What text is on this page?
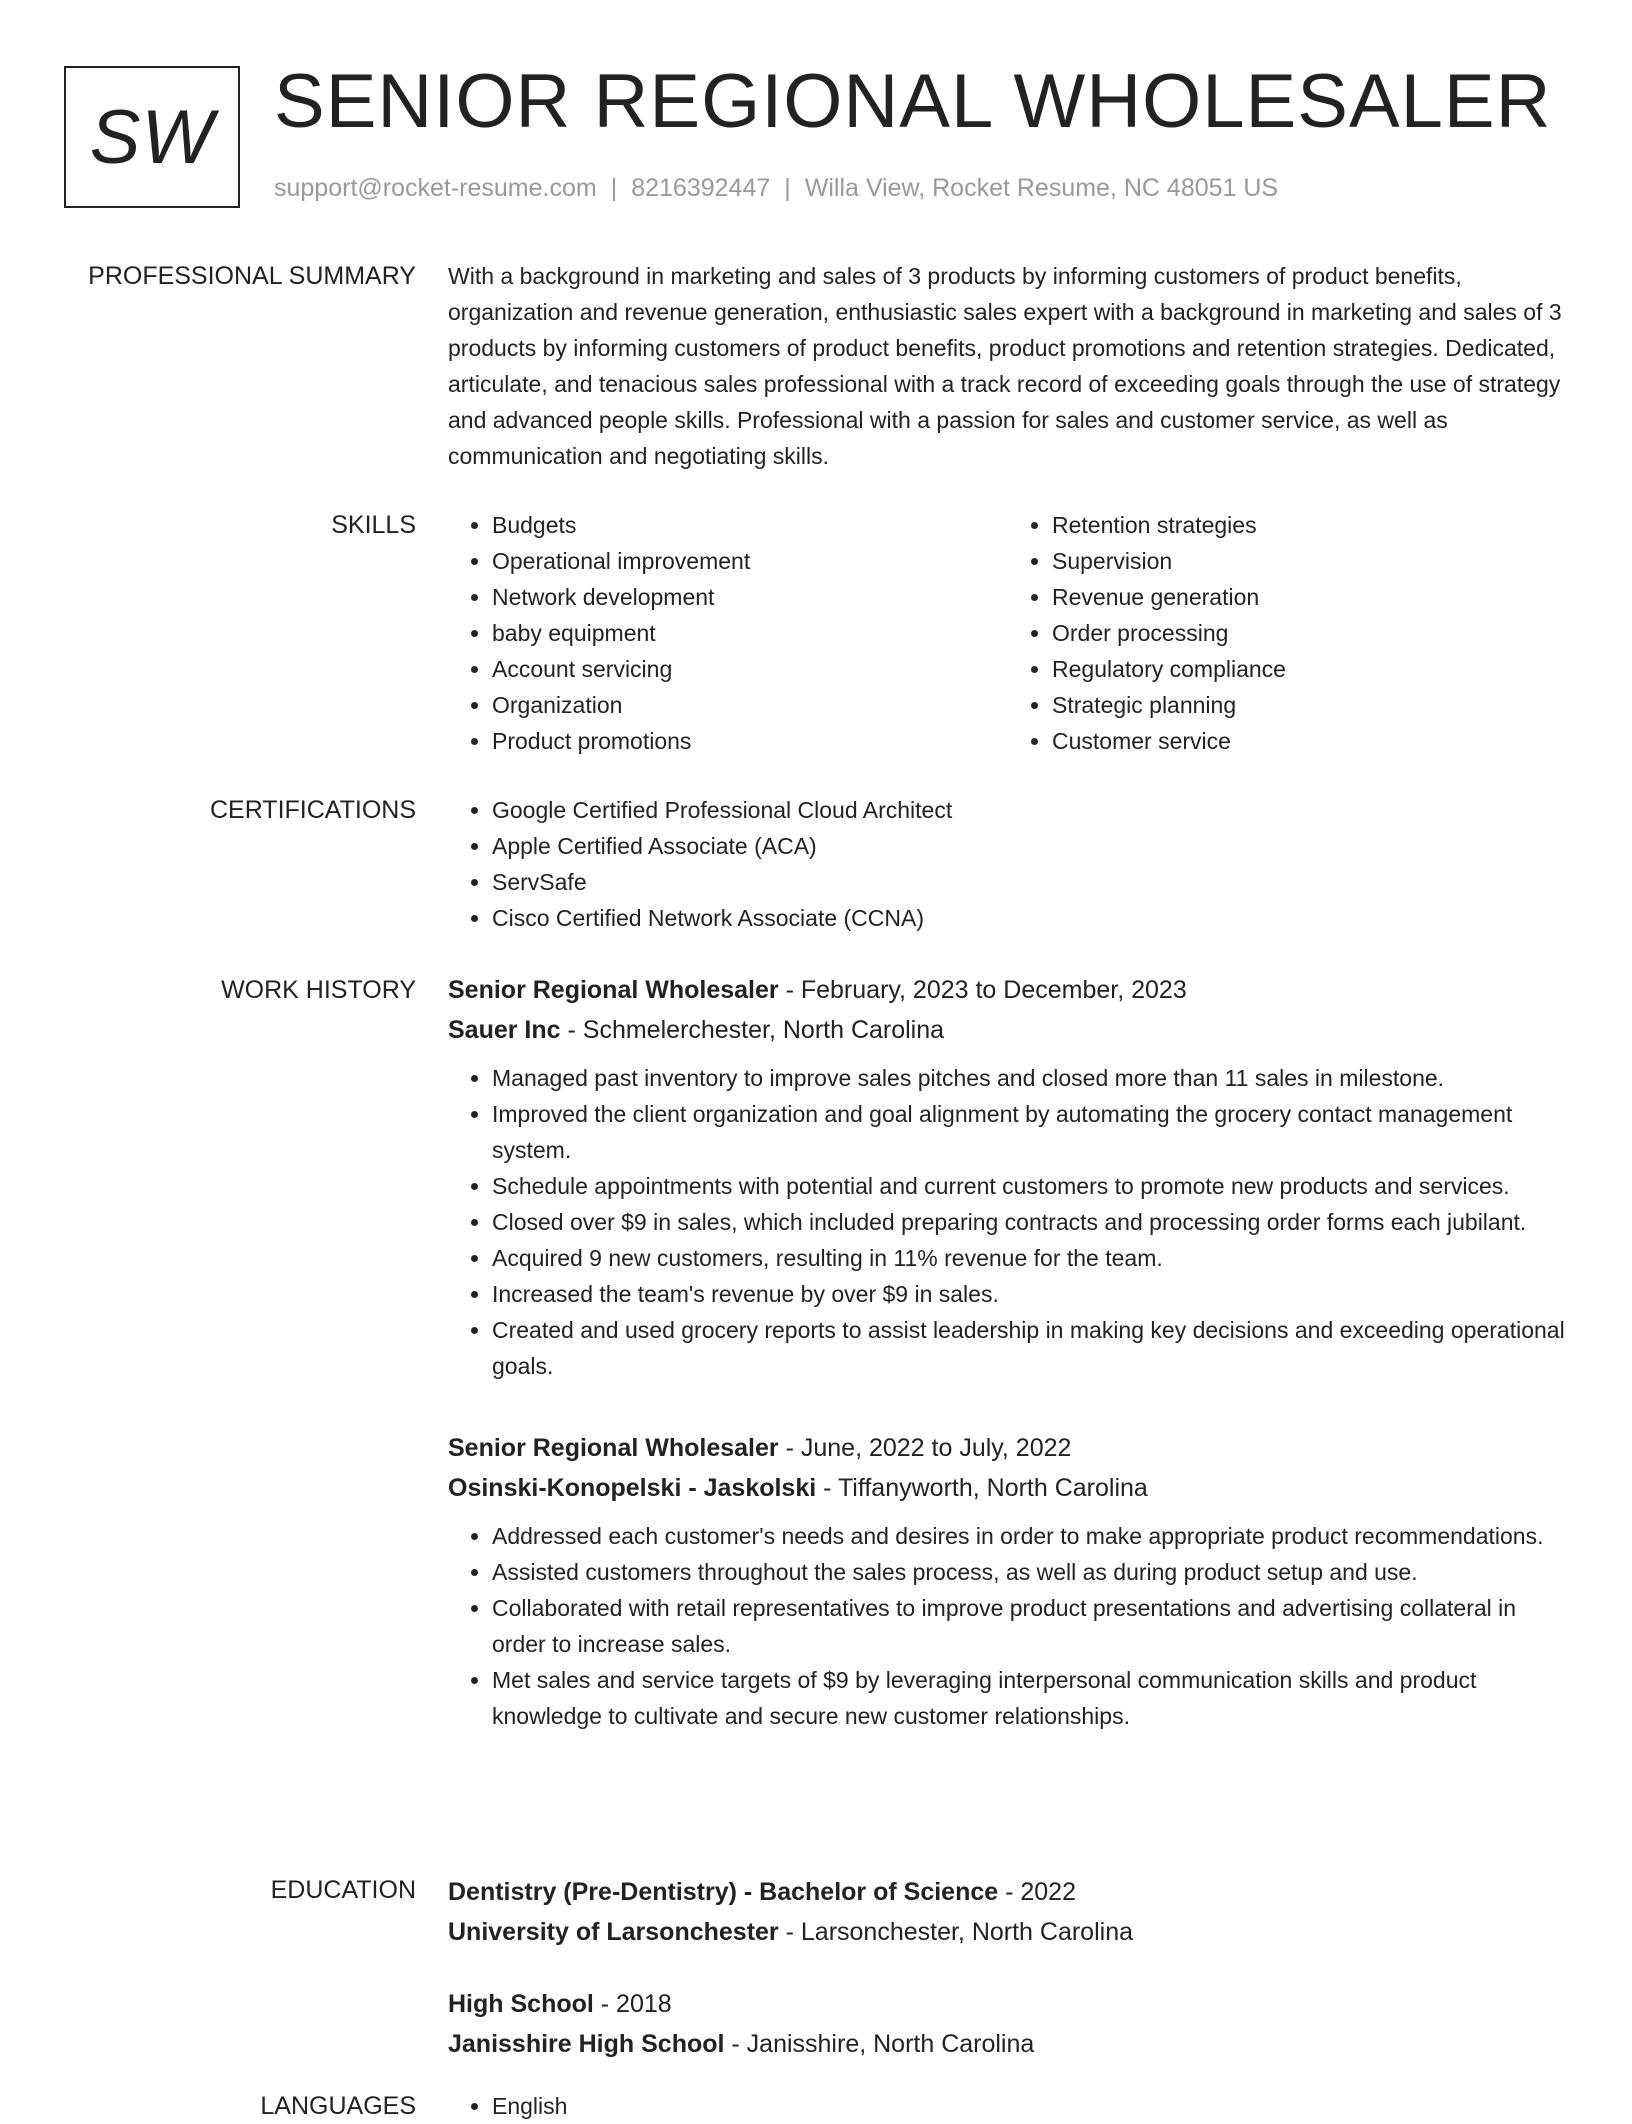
SW SENIOR REGIONAL WHOLESALER
support@rocket-resume.com | 8216392447 | Willa View, Rocket Resume, NC 48051 US
PROFESSIONAL SUMMARY With a background in marketing and sales of 3 products by informing customers of product benefits, organization and revenue generation, enthusiastic sales expert with a background in marketing and sales of 3 products by informing customers of product benefits, product promotions and retention strategies. Dedicated, articulate, and tenacious sales professional with a track record of exceeding goals through the use of strategy and advanced people skills. Professional with a passion for sales and customer service, as well as communication and negotiating skills.
SKILLS	• Budgets
• Operational improvement
• Network development
• baby equipment
• Account servicing
• Organization
• Product promotions
• Retention strategies
• Supervision
• Revenue generation
• Order processing
• Regulatory compliance
• Strategic planning
• Customer service
CERTIFICATIONS	• Google Certified Professional Cloud Architect
• Apple Certified Associate (ACA)
• ServSafe
• Cisco Certified Network Associate (CCNA)
WORK HISTORY Senior Regional Wholesaler - February, 2023 to December, 2023
Sauer Inc - Schmelerchester, North Carolina
• Managed past inventory to improve sales pitches and closed more than 11 sales in milestone.
• Improved the client organization and goal alignment by automating the grocery contact management system.
• Schedule appointments with potential and current customers to promote new products and services.
• Closed over $9 in sales, which included preparing contracts and processing order forms each jubilant.
• Acquired 9 new customers, resulting in 11% revenue for the team.
• Increased the team's revenue by over $9 in sales.
• Created and used grocery reports to assist leadership in making key decisions and exceeding operational goals.
Senior Regional Wholesaler - June, 2022 to July, 2022
Osinski-Konopelski - Jaskolski - Tiffanyworth, North Carolina
• Addressed each customer's needs and desires in order to make appropriate product recommendations.
• Assisted customers throughout the sales process, as well as during product setup and use.
• Collaborated with retail representatives to improve product presentations and advertising collateral in order to increase sales.
• Met sales and service targets of $9 by leveraging interpersonal communication skills and product knowledge to cultivate and secure new customer relationships.
EDUCATION Dentistry (Pre-Dentistry) - Bachelor of Science - 2022
University of Larsonchester - Larsonchester, North Carolina
High School - 2018
Janisshire High School - Janisshire, North Carolina
LANGUAGES	• English
